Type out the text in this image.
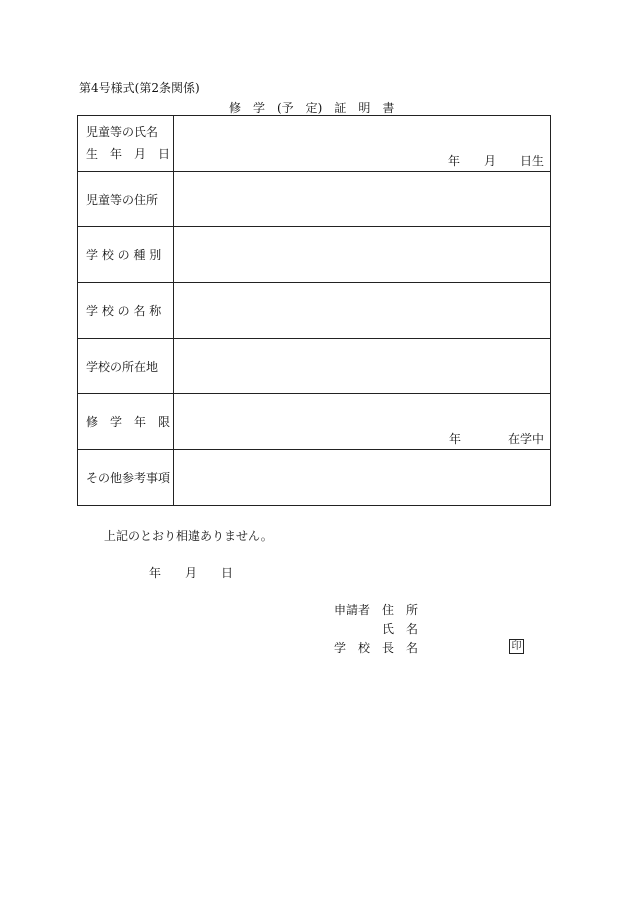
第4号様式(第2条関係)
修　学　(予　定)　証　明　書
児童等の氏名
生　年　月　日	年　　月　　日生

児童等の住所	
学 校 の 種 別	
学 校 の 名 称	
学校の所在地	
修　学　年　限	年 在学中

その他参考事項	
上記のとおり相違ありません。
年　　月　　日
申請者 住　所
氏　名
学　校　長　名	印
